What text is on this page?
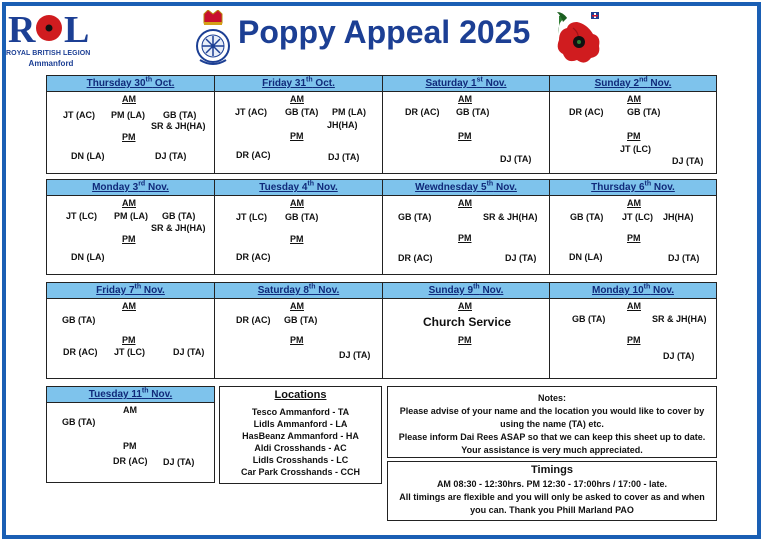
R L
ROYAL BRITISH LEGION
Ammanford
Poppy Appeal 2025
Thursday 30th Oct.
AM
JT (AC) PM (LA) GB (TA)
SR & JH(HA)
PM
DN (LA)	DJ (TA)
Friday 31th Oct.
AM
JT (AC) GB (TA) PM (LA)
JH(HA)
PM
DR (AC)	DJ (TA)
Saturday 1st Nov.
AM
DR (AC) GB (TA)
PM
DJ (TA)
Sunday 2nd Nov.
AM
DR (AC)	GB (TA)
PM
JT (LC)
DJ (TA)
Monday 3rd Nov.
AM
JT (LC) PM (LA) GB (TA)
SR & JH(HA)
PM
DN (LA)
Tuesday 4th Nov.
AM
JT (LC) GB (TA)
PM
DR (AC)
Wewdnesday 5th Nov.
AM
GB (TA)	SR & JH(HA)
PM
DR (AC)	DJ (TA)
Thursday 6th Nov.
AM
GB (TA) JT (LC) JH(HA)
PM
DN (LA)	DJ (TA)
Friday 7th Nov.
AM
GB (TA)
PM
DR (AC) JT (LC)	DJ (TA)
Saturday 8th Nov.
AM
DR (AC) GB (TA)
PM
DJ (TA)
Sunday 9th Nov.
AM
Church Service
PM
Monday 10th Nov.
AM
GB (TA)	SR & JH(HA)
PM
DJ (TA)
Tuesday 11th Nov.
AM
GB (TA)
PM
DR (AC) DJ (TA)
Locations
Tesco Ammanford - TA
Lidls Ammanford - LA
HasBeanz Ammanford - HA
Aldi Crosshands - AC
Lidls Crosshands - LC
Car Park Crosshands - CCH
Notes:
Please advise of your name and the location you would like to cover by using the name (TA) etc.
Please inform Dai Rees ASAP so that we can keep this sheet up to date.
Your assistance is very much appreciated.
Timings
AM 08:30 - 12:30hrs. PM 12:30 - 17:00hrs / 17:00 - late.
All timings are flexible and you will only be asked to cover as and when you can. Thank you Phill Marland PAO
